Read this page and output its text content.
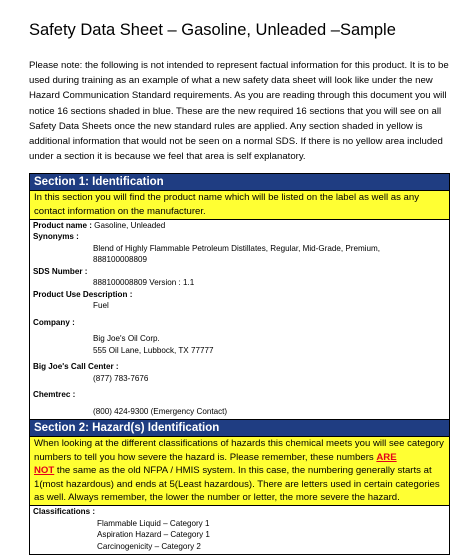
Safety Data Sheet – Gasoline, Unleaded –Sample

Please note: the following is not intended to represent factual information for this product. It is to be used during training as an example of what a new safety data sheet will look like under the new Hazard Communication Standard requirements. As you are reading through this document you will notice 16 sections shaded in blue. These are the new required 16 sections that you will see on all Safety Data Sheets once the new standard rules are applied. Any section shaded in yellow is additional information that would not be seen on a normal SDS. If there is no yellow area included under a section it is because we feel that area is self explanatory.

Section 1: Identification
In this section you will find the product name which will be listed on the label as well as any contact information on the manufacturer.
Product name : Gasoline, Unleaded
Synonyms :
Blend of Highly Flammable Petroleum Distillates, Regular, Mid-Grade, Premium,
888100008809
SDS Number :
888100008809 Version : 1.1
Product Use Description :
Fuel
Company :
Big Joe's Oil Corp.
555 Oil Lane, Lubbock, TX 77777
Big Joe's Call Center :
(877) 783-7676
Chemtrec :
(800) 424-9300 (Emergency Contact)
Section 2: Hazard(s) Identification
When looking at the different classifications of hazards this chemical meets you will see category numbers to tell you how severe the hazard is. Please remember, these numbers ARE
NOT the same as the old NFPA / HMIS system. In this case, the numbering generally starts at 1(most hazardous) and ends at 5(Least hazardous). There are letters used in certain categories as well. Always remember, the lower the number or letter, the more severe the hazard.
Classifications :
Flammable Liquid – Category 1
Aspiration Hazard – Category 1
Carcinogenicity – Category 2
